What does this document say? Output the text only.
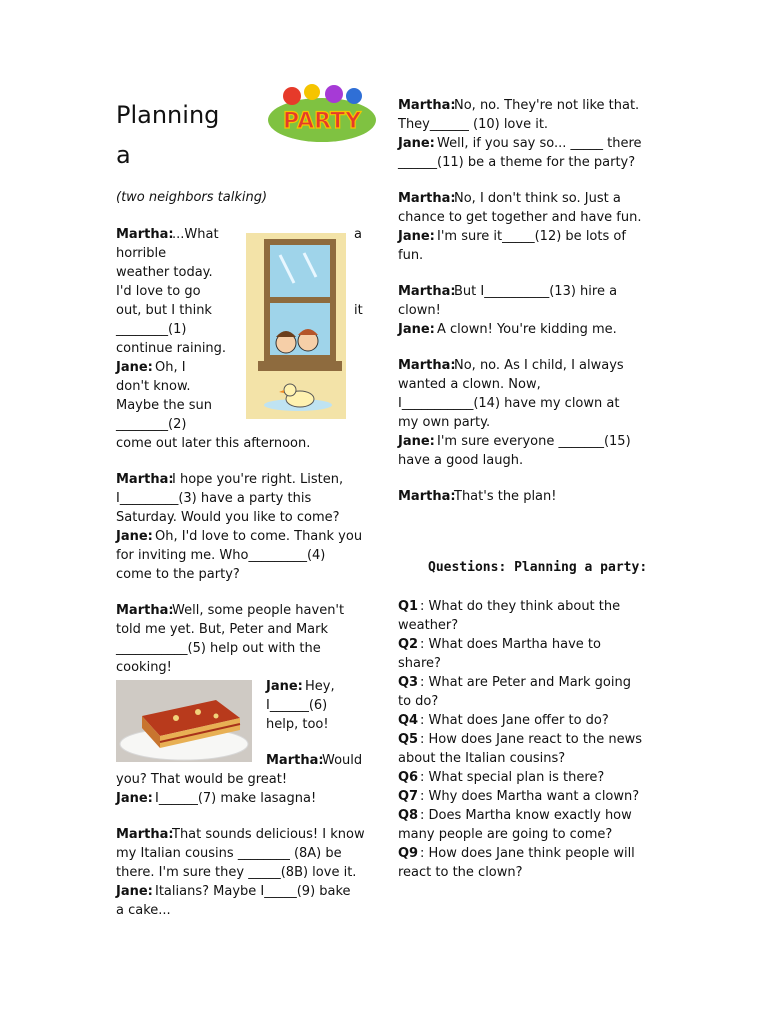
Planning
a
PARTY
(two neighbors talking)
Martha:
...What	a
horrible
weather today.
I'd love to go
out, but I think	it
________(1)
continue raining.
Jane: Oh, I
don't know.
Maybe the sun
________(2)
come out later this afternoon.
Martha:
I hope you're right. Listen,
I_________(3) have a party this
Saturday. Would you like to come?
Jane: Oh, I'd love to come. Thank you
for inviting me. Who_________(4)
come to the party?
Martha:
Well, some people haven't
told me yet. But, Peter and Mark
___________(5) help out with the
cooking!
Jane: Hey,
I______(6)
help, too!
Martha:
Would
you? That would be great!
Jane: I______(7) make lasagna!
Martha:
That sounds delicious! I know
my Italian cousins ________ (8A) be
there. I'm sure they _____(8B) love it.
Jane: Italians? Maybe I_____(9) bake
a cake...
Martha:
No, no. They're not like that.
They______ (10) love it.
Jane: Well, if you say so... _____ there
______(11) be a theme for the party?
Martha:
No, I don't think so. Just a
chance to get together and have fun.
Jane: I'm sure it_____(12) be lots of
fun.
Martha:
But I__________(13) hire a
clown!
Jane: A clown! You're kidding me.
Martha:
No, no. As I child, I always
wanted a clown. Now,
I___________(14) have my clown at
my own party.
Jane: I'm sure everyone _______(15)
have a good laugh.
Martha:
That's the plan!
Questions: Planning a party:
Q1 : What do they think about the
weather?
Q2 : What does Martha have to
share?
Q3 : What are Peter and Mark going
to do?
Q4 : What does Jane offer to do?
Q5 : How does Jane react to the news
about the Italian cousins?
Q6 : What special plan is there?
Q7 : Why does Martha want a clown?
Q8 : Does Martha know exactly how
many people are going to come?
Q9 : How does Jane think people will
react to the clown?
